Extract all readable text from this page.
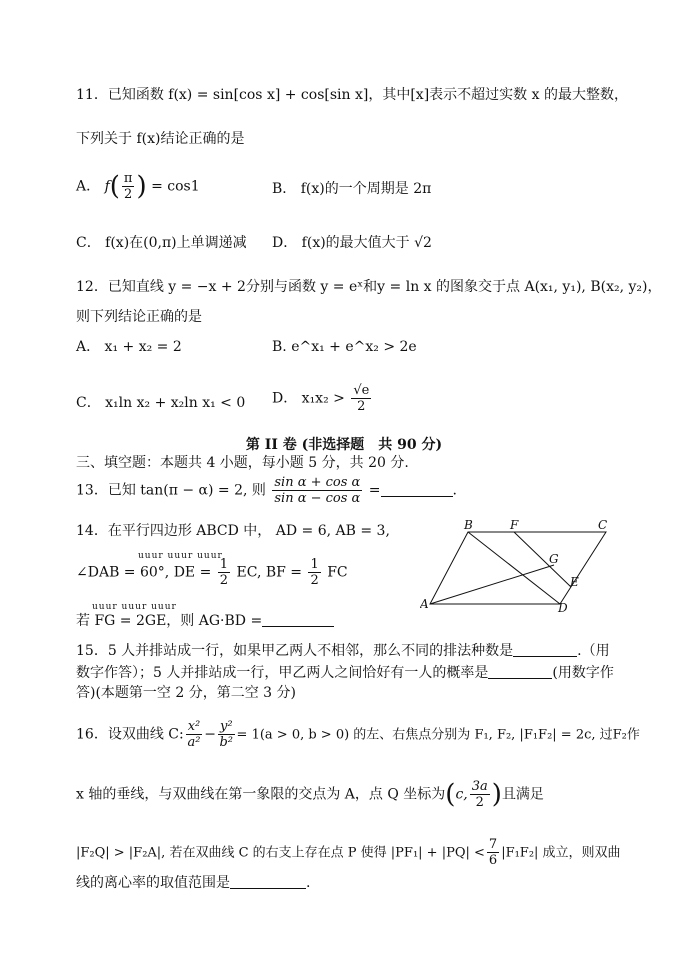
11．已知函数 f(x) = sin[cos x] + cos[sin x]，其中[x]表示不超过实数 x 的最大整数，
下列关于 f(x)结论正确的是
A． $f( \frac{\pi}{2}$ ) = cos1	B． f(x)的一个周期是 2π
C． f(x)在(0,π)上单调递减 D． f(x)的最大值大于 √2
12．已知直线 y = −x + 2分别与函数 y = eˣ和y = ln x 的图象交于点 A(x₁, y₁), B(x₂, y₂)，
则下列结论正确的是
A． x₁ + x₂ = 2	B. e^x₁ + e^x₂ > 2e
C． x₁ln x₂ + x₂ln x₁ < 0 D． $x_1x_2 > \frac{√e}{2}$
第 II 卷 (非选择题　共 90 分)
三、填空题：本题共 4 小题，每小题 5 分，共 20 分.
13．已知 tan(π − α) = 2, 则 $\frac{\text{sin α + cos α}}{\text{sin α − cos α}}$ =	.
14．在平行四边形 ABCD 中， AD = 6, AB = 3,
uuur uuur uuur
∠DAB = 60°, DE = $\frac{1}{2}$ EC, BF = $\frac{1}{2}$ FC
uuur uuur uuur
若 FG = 2GE，则 AG·BD =
B	F	C
G
E
A	D
15．5 人并排站成一行，如果甲乙两人不相邻，那么不同的排法种数是	.（用
数字作答）；5 人并排站成一行，甲乙两人之间恰好有一人的概率是	(用数字作
答)(本题第一空 2 分，第二空 3 分)
16．设双曲线 C: $\frac{\text{x²}}{\text{a²}} - \frac{\text{y²}}{\text{b²}} = 1(a > 0$, b > 0) 的左、右焦点分别为 F₁, F₂, |F₁F₂| = 2c, 过F₂作
x 轴的垂线，与双曲线在第一象限的交点为 A，点 Q 坐标为(c, $\frac{3a}{2}$ )且满足
|F₂Q| > |F₂A|, 若在双曲线 C 的右支上存在点 P 使得 $|PF_1| + |PQ| < \frac{7}{6} |F_1F_2|$ 成立，则双曲
线的离心率的取值范围是	.
